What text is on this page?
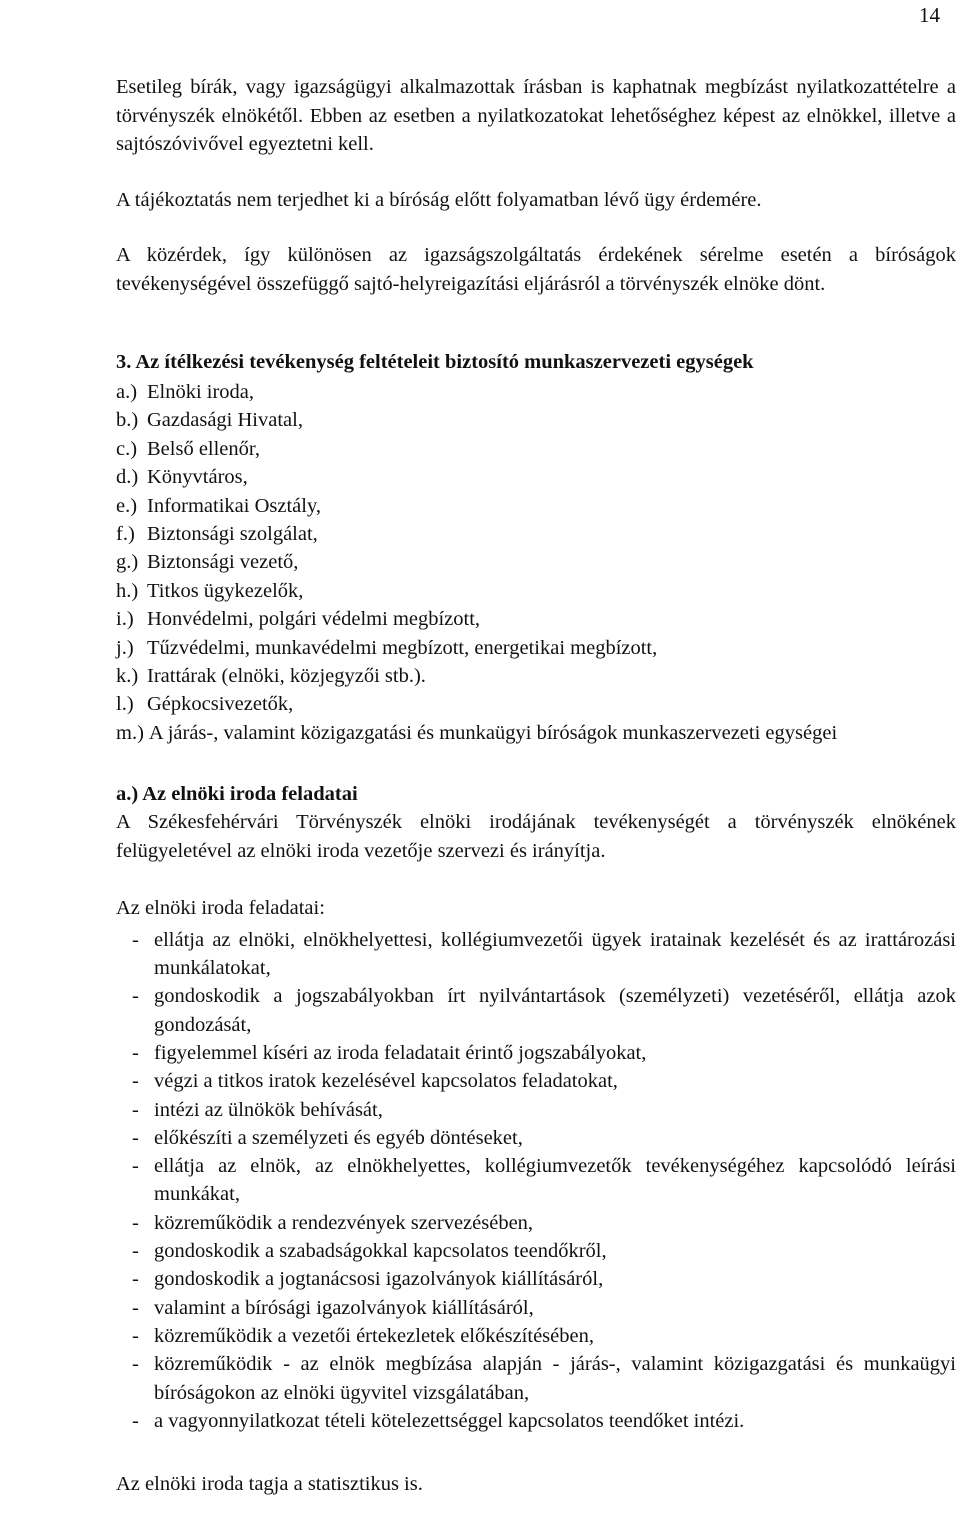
14

Esetileg bírák, vagy igazságügyi alkalmazottak írásban is kaphatnak megbízást nyilatkozattételre a törvényszék elnökétől. Ebben az esetben a nyilatkozatokat lehetőséghez képest az elnökkel, illetve a sajtószóvivővel egyeztetni kell.

A tájékoztatás nem terjedhet ki a bíróság előtt folyamatban lévő ügy érdemére.

A közérdek, így különösen az igazságszolgáltatás érdekének sérelme esetén a bíróságok tevékenységével összefüggő sajtó-helyreigazítási eljárásról a törvényszék elnöke dönt.

3. Az ítélkezési tevékenység feltételeit biztosító munkaszervezeti egységek
a.) Elnöki iroda,
b.) Gazdasági Hivatal,
c.) Belső ellenőr,
d.) Könyvtáros,
e.) Informatikai Osztály,
f.) Biztonsági szolgálat,
g.) Biztonsági vezető,
h.) Titkos ügykezelők,
i.) Honvédelmi, polgári védelmi megbízott,
j.) Tűzvédelmi, munkavédelmi megbízott, energetikai megbízott,
k.) Irattárak (elnöki, közjegyzői stb.).
l.) Gépkocsivezetők,
m.) A járás-, valamint közigazgatási és munkaügyi bíróságok munkaszervezeti egységei
a.) Az elnöki iroda feladatai

A Székesfehérvári Törvényszék elnöki irodájának tevékenységét a törvényszék elnökének felügyeletével az elnöki iroda vezetője szervezi és irányítja.

Az elnöki iroda feladatai:
- ellátja az elnöki, elnökhelyettesi, kollégiumvezetői ügyek iratainak kezelését és az irattározási munkálatokat,
- gondoskodik a jogszabályokban írt nyilvántartások (személyzeti) vezetéséről, ellátja azok gondozását,
- figyelemmel kíséri az iroda feladatait érintő jogszabályokat,
- végzi a titkos iratok kezelésével kapcsolatos feladatokat,
- intézi az ülnökök behívását,
- előkészíti a személyzeti és egyéb döntéseket,
- ellátja az elnök, az elnökhelyettes, kollégiumvezetők tevékenységéhez kapcsolódó leírási munkákat,
- közreműködik a rendezvények szervezésében,
- gondoskodik a szabadságokkal kapcsolatos teendőkről,
- gondoskodik a jogtanácsosi igazolványok kiállításáról,
- valamint a bírósági igazolványok kiállításáról,
- közreműködik a vezetői értekezletek előkészítésében,
- közreműködik - az elnök megbízása alapján - járás-, valamint közigazgatási és munkaügyi bíróságokon az elnöki ügyvitel vizsgálatában,
- a vagyonnyilatkozat tételi kötelezettséggel kapcsolatos teendőket intézi.

Az elnöki iroda tagja a statisztikus is.
